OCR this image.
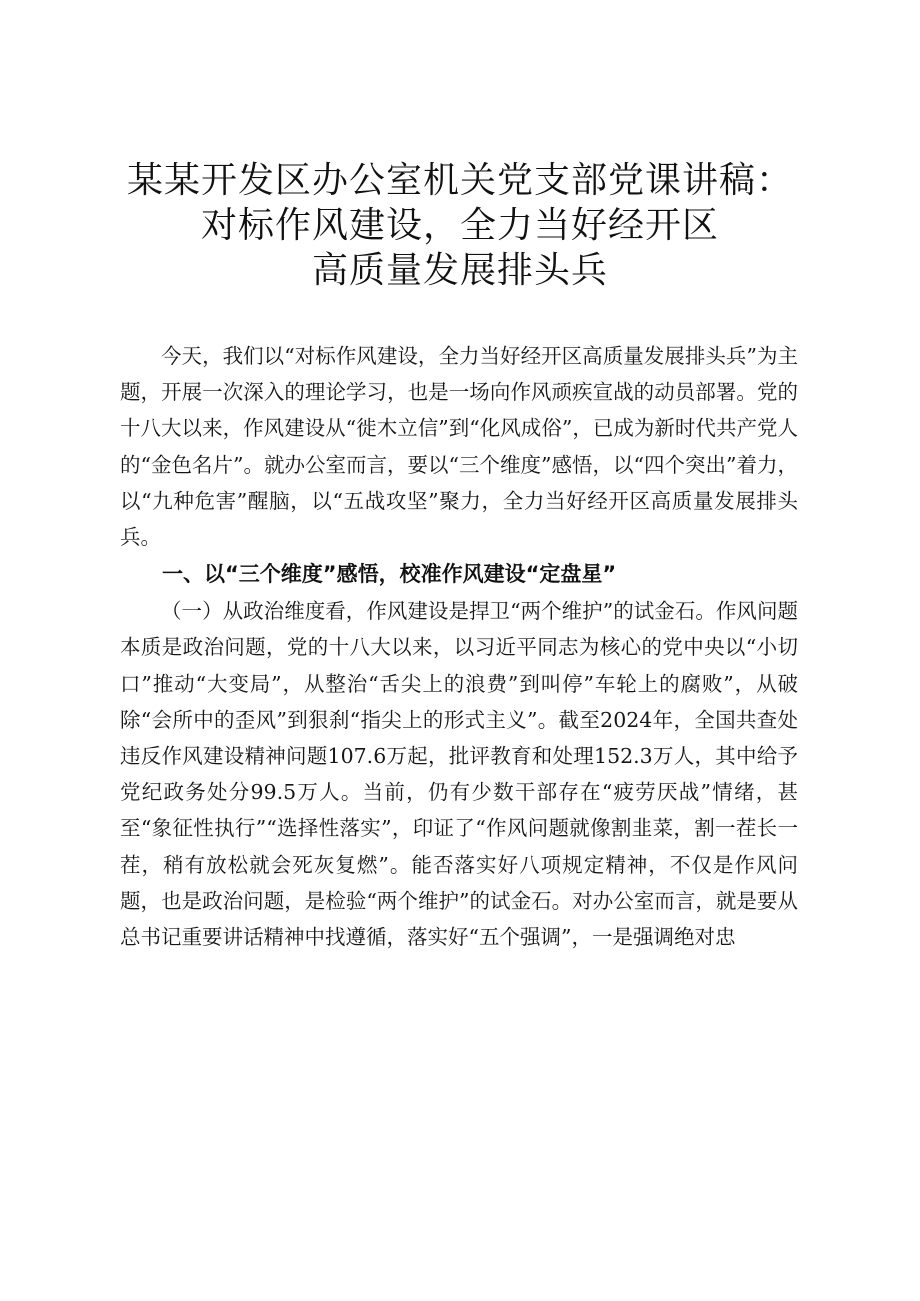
某某开发区办公室机关党支部党课讲稿：
对标作风建设，全力当好经开区
高质量发展排头兵

今天，我们以“对标作风建设，全力当好经开区高质量发展排头兵”为主题，开展一次深入的理论学习，也是一场向作风顽疾宣战的动员部署。党的十八大以来，作风建设从“徙木立信”到“化风成俗”，已成为新时代共产党人的“金色名片”。就办公室而言，要以“三个维度”感悟，以“四个突出”着力，以“九种危害”醒脑，以“五战攻坚”聚力，全力当好经开区高质量发展排头兵。

一、以“三个维度”感悟，校准作风建设“定盘星”

（一）从政治维度看，作风建设是捍卫“两个维护”的试金石。作风问题本质是政治问题，党的十八大以来，以习近平同志为核心的党中央以“小切口”推动“大变局”，从整治“舌尖上的浪费”到叫停”车轮上的腐败”，从破除“会所中的歪风”到狠刹“指尖上的形式主义”。截至2024年，全国共查处违反作风建设精神问题107.6万起，批评教育和处理152.3万人，其中给予党纪政务处分99.5万人。当前，仍有少数干部存在“疲劳厌战”情绪，甚至“象征性执行”“选择性落实”，印证了“作风问题就像割韭菜，割一茬长一茬，稍有放松就会死灰复燃”。能否落实好八项规定精神，不仅是作风问题，也是政治问题，是检验“两个维护”的试金石。对办公室而言，就是要从总书记重要讲话精神中找遵循，落实好“五个强调”，一是强调绝对忠
